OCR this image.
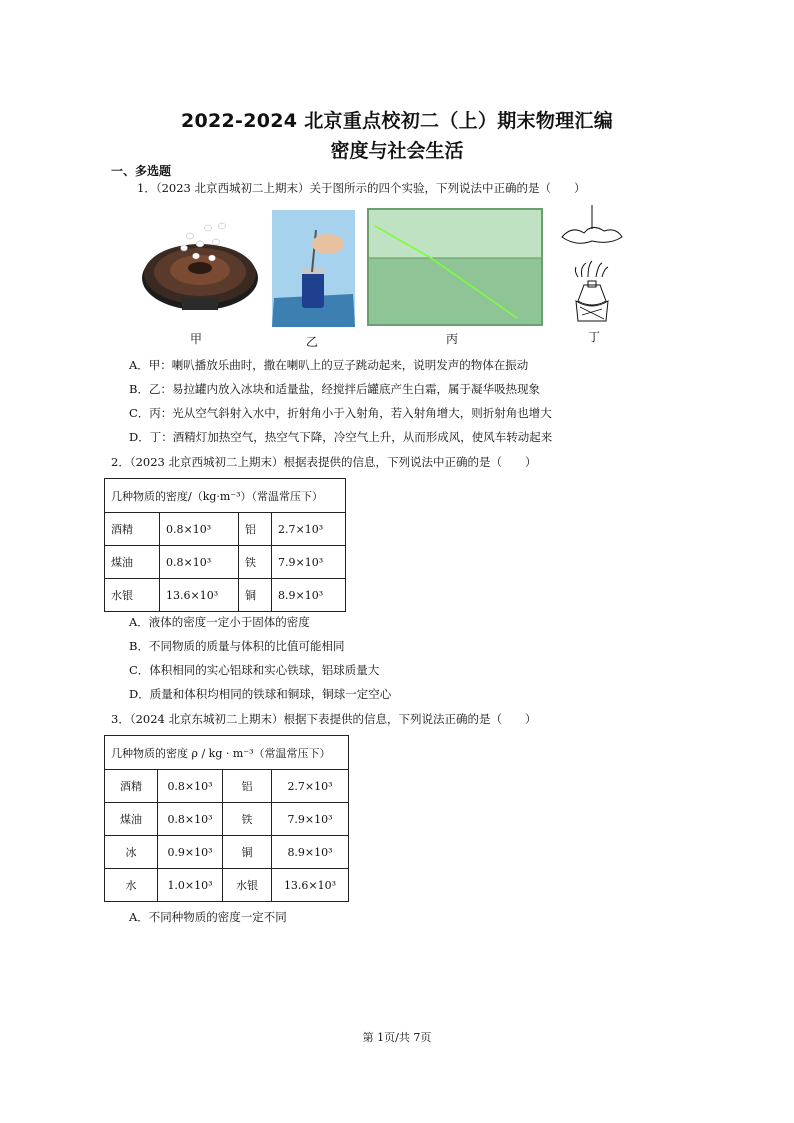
2022-2024 北京重点校初二（上）期末物理汇编
密度与社会生活
一、多选题
1．（2023 北京西城初二上期末）关于图所示的四个实验，下列说法中正确的是（　　）
甲	乙	丙	丁
A．甲：喇叭播放乐曲时，撒在喇叭上的豆子跳动起来，说明发声的物体在振动
B．乙：易拉罐内放入冰块和适量盐，经搅拌后罐底产生白霜，属于凝华吸热现象
C．丙：光从空气斜射入水中，折射角小于入射角，若入射角增大，则折射角也增大
D．丁：酒精灯加热空气，热空气下降，冷空气上升，从而形成风，使风车转动起来
2．（2023 北京西城初二上期末）根据表提供的信息，下列说法中正确的是（　　）
几种物质的密度/（kg·m⁻³）（常温常压下）			
酒精	0.8×10³	铝	2.7×10³
煤油	0.8×10³	铁	7.9×10³
水银	13.6×10³	铜	8.9×10³
A．液体的密度一定小于固体的密度
B．不同物质的质量与体积的比值可能相同
C．体积相同的实心铝球和实心铁球，铝球质量大
D．质量和体积均相同的铁球和铜球，铜球一定空心
3．（2024 北京东城初二上期末）根据下表提供的信息，下列说法正确的是（　　）
几种物质的密度 ρ / kg · m⁻³（常温常压下）			
酒精	0.8×10³	铝	2.7×10³
煤油	0.8×10³	铁	7.9×10³
冰	0.9×10³	铜	8.9×10³
水	1.0×10³	水银	13.6×10³
A．不同种物质的密度一定不同
第 1页/共 7页
